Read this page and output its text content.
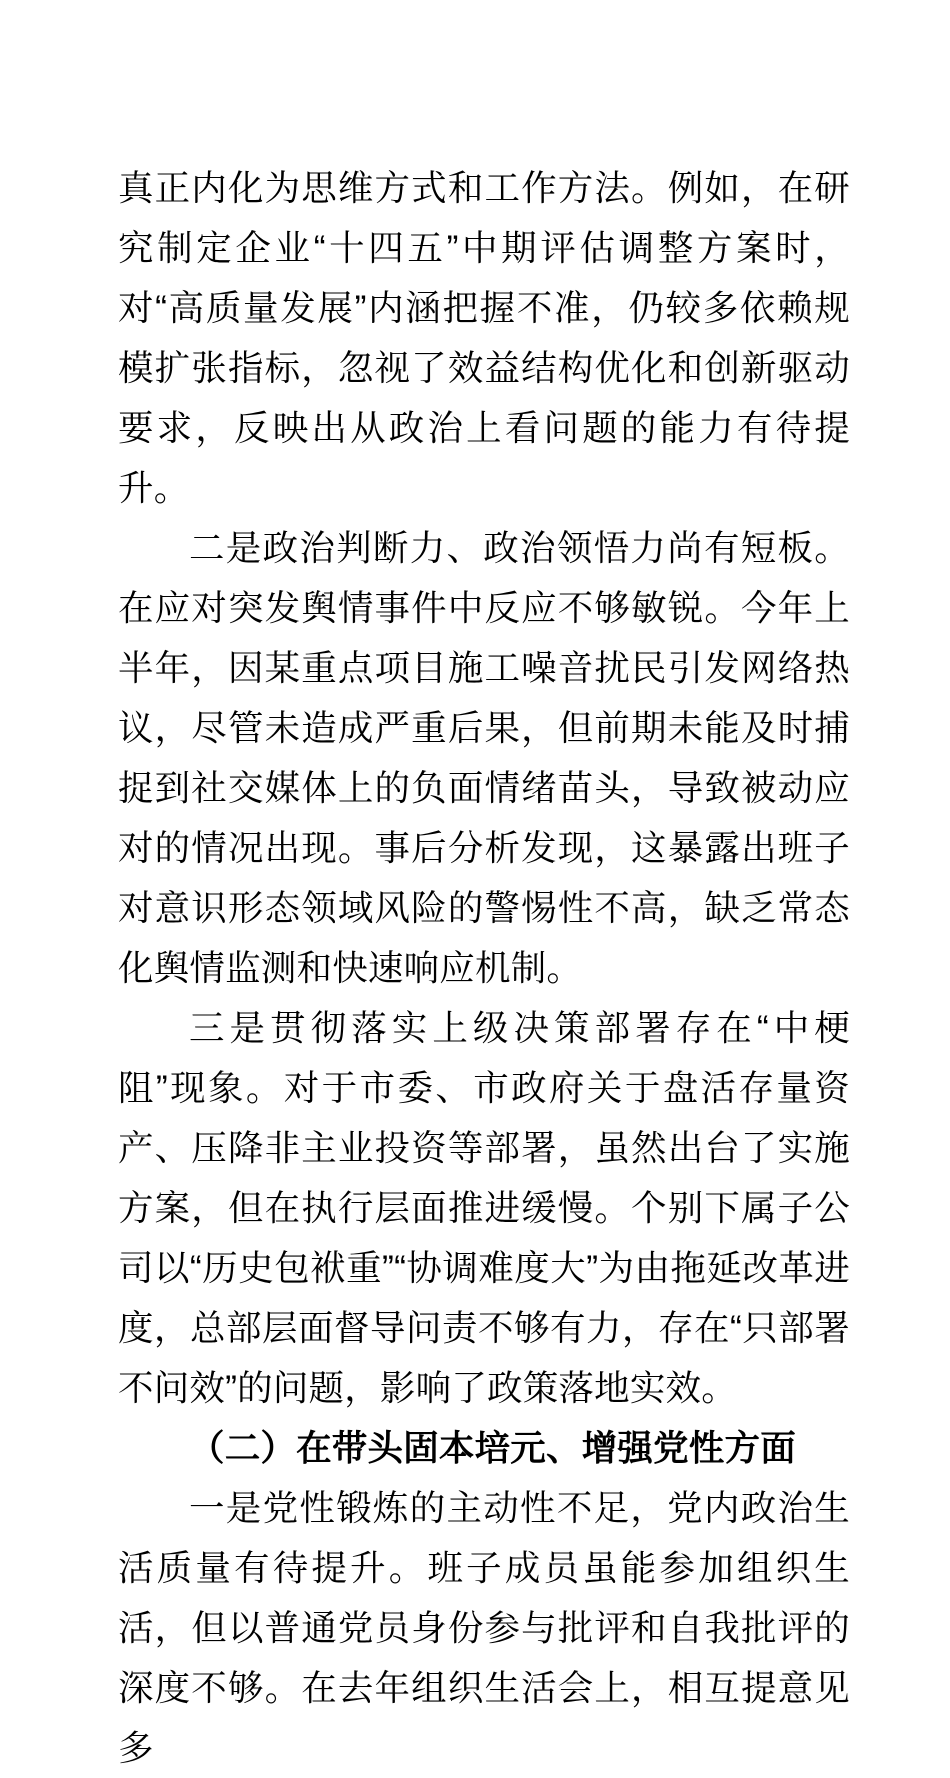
真正内化为思维方式和工作方法。例如，在研究制定企业“十四五”中期评估调整方案时，对“高质量发展”内涵把握不准，仍较多依赖规模扩张指标，忽视了效益结构优化和创新驱动要求，反映出从政治上看问题的能力有待提升。

二是政治判断力、政治领悟力尚有短板。在应对突发舆情事件中反应不够敏锐。今年上半年，因某重点项目施工噪音扰民引发网络热议，尽管未造成严重后果，但前期未能及时捕捉到社交媒体上的负面情绪苗头，导致被动应对的情况出现。事后分析发现，这暴露出班子对意识形态领域风险的警惕性不高，缺乏常态化舆情监测和快速响应机制。

三是贯彻落实上级决策部署存在“中梗阻”现象。对于市委、市政府关于盘活存量资产、压降非主业投资等部署，虽然出台了实施方案，但在执行层面推进缓慢。个别下属子公司以“历史包袱重”“协调难度大”为由拖延改革进度，总部层面督导问责不够有力，存在“只部署不问效”的问题，影响了政策落地实效。

（二）在带头固本培元、增强党性方面

一是党性锻炼的主动性不足，党内政治生活质量有待提升。班子成员虽能参加组织生活，但以普通党员身份参与批评和自我批评的深度不够。在去年组织生活会上，相互提意见多
